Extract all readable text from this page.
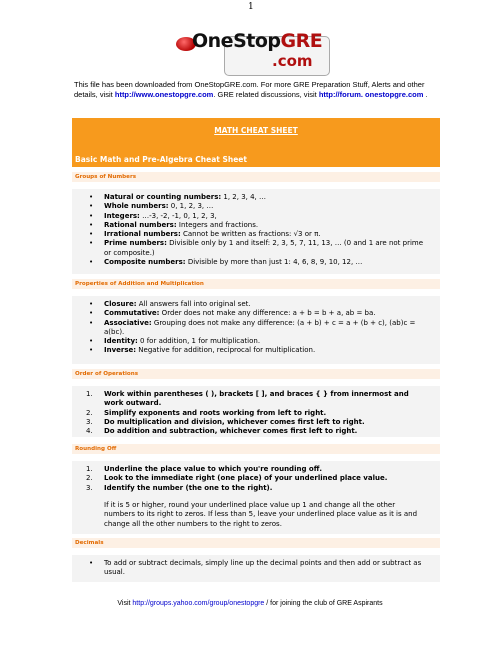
1
OneStopGRE
.com
This file has been downloaded from OneStopGRE.com. For more GRE Preparation Stuff, Alerts and other details, visit http://www.onestopgre.com. GRE related discussions, visit http://forum. onestopgre.com .
MATH CHEAT SHEET
Basic Math and Pre-Algebra Cheat Sheet
Groups of Numbers
• Natural or counting numbers: 1, 2, 3, 4, …
• Whole numbers: 0, 1, 2, 3, …
• Integers: …-3, -2, -1, 0, 1, 2, 3,
• Rational numbers: Integers and fractions.
• Irrational numbers: Cannot be written as fractions: √3 or π.
• Prime numbers: Divisible only by 1 and itself: 2, 3, 5, 7, 11, 13, … (0 and 1 are not prime or composite.)
• Composite numbers: Divisible by more than just 1: 4, 6, 8, 9, 10, 12, …
Properties of Addition and Multiplication
• Closure: All answers fall into original set.
• Commutative: Order does not make any difference: a + b = b + a, ab = ba.
• Associative: Grouping does not make any difference: (a + b) + c = a + (b + c), (ab)c = a(bc).
• Identity: 0 for addition, 1 for multiplication.
• Inverse: Negative for addition, reciprocal for multiplication.
Order of Operations
1. Work within parentheses ( ), brackets [ ], and braces { } from innermost and work outward.
2. Simplify exponents and roots working from left to right.
3. Do multiplication and division, whichever comes first left to right.
4. Do addition and subtraction, whichever comes first left to right.
Rounding Off
1. Underline the place value to which you're rounding off.
2. Look to the immediate right (one place) of your underlined place value.
3. Identify the number (the one to the right).
If it is 5 or higher, round your underlined place value up 1 and change all the other numbers to its right to zeros. If less than 5, leave your underlined place value as it is and change all the other numbers to the right to zeros.
Decimals
• To add or subtract decimals, simply line up the decimal points and then add or subtract as usual.
Visit http://groups.yahoo.com/group/onestopgre / for joining the club of GRE Aspirants
